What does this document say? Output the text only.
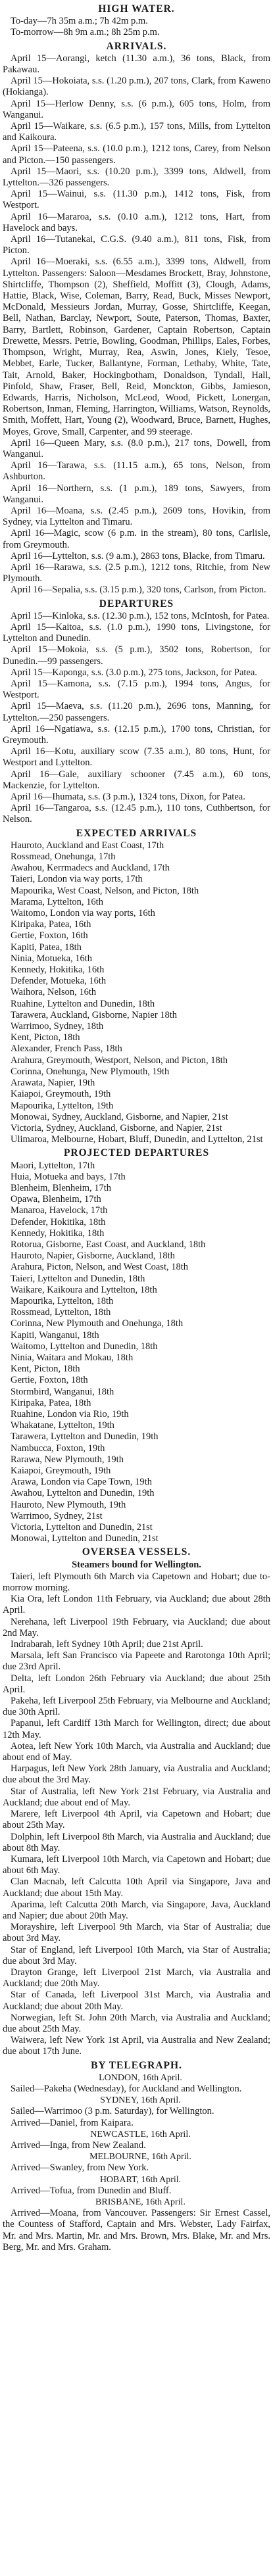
HIGH WATER.

To-day—7h 35m a.m.; 7h 42m p.m.

To-morrow—8h 9m a.m.; 8h 25m p.m.

ARRIVALS.

April 15—Aorangi, ketch (11.30 a.m.), 36 tons, Black, from Pakawau.

April 15—Hokoiata, s.s. (1.20 p.m.), 207 tons, Clark, from Kaweno (Hokianga).

April 15—Herlow Denny, s.s. (6 p.m.), 605 tons, Holm, from Wanganui.

April 15—Waikare, s.s. (6.5 p.m.), 157 tons, Mills, from Lyttelton and Kaikoura.

April 15—Pateena, s.s. (10.0 p.m.), 1212 tons, Carey, from Nelson and Picton.—150 passengers.

April 15—Maori, s.s. (10.20 p.m.), 3399 tons, Aldwell, from Lyttelton.—326 passengers.

April 15—Wainui, s.s. (11.30 p.m.), 1412 tons, Fisk, from Westport.

April 16—Mararoa, s.s. (0.10 a.m.), 1212 tons, Hart, from Havelock and bays.

April 16—Tutanekai, C.G.S. (9.40 a.m.), 811 tons, Fisk, from Picton.

April 16—Moeraki, s.s. (6.55 a.m.), 3399 tons, Aldwell, from Lyttelton. Passengers: Saloon—Mesdames Brockett, Bray, Johnstone, Shirtcliffe, Thompson (2), Sheffield, Moffitt (3), Clough, Adams, Hattie, Black, Wise, Coleman, Barry, Read, Buck, Misses Newport, McDonald, Messieurs Jordan, Murray, Gosse, Shirtcliffe, Keegan, Bell, Nathan, Barclay, Newport, Soute, Paterson, Thomas, Baxter, Barry, Bartlett, Robinson, Gardener, Captain Robertson, Captain Drewette, Messrs. Petrie, Bowling, Goodman, Phillips, Eales, Forbes, Thompson, Wright, Murray, Rea, Aswin, Jones, Kiely, Tesoe, Mebbet, Earle, Tucker, Ballantyne, Forman, Lethaby, White, Tate, Tait, Arnold, Baker, Hockingbotham, Donaldson, Tyndall, Hall, Pinfold, Shaw, Fraser, Bell, Reid, Monckton, Gibbs, Jamieson, Edwards, Harris, Nicholson, McLeod, Wood, Pickett, Lonergan, Robertson, Inman, Fleming, Harrington, Williams, Watson, Reynolds, Smith, Moffett, Hart, Young (2), Woodward, Bruce, Barnett, Hughes, Moyes, Grove, Small, Carpenter, and 99 steerage.

April 16—Queen Mary, s.s. (8.0 p.m.), 217 tons, Dowell, from Wanganui.

April 16—Tarawa, s.s. (11.15 a.m.), 65 tons, Nelson, from Ashburton.

April 16—Northern, s.s. (1 p.m.), 189 tons, Sawyers, from Wanganui.

April 16—Moana, s.s. (2.45 p.m.), 2609 tons, Hovikin, from Sydney, via Lyttelton and Timaru.

April 16—Magic, scow (6 p.m. in the stream), 80 tons, Carlisle, from Greymouth.

April 16—Lyttelton, s.s. (9 a.m.), 2863 tons, Blacke, from Timaru.

April 16—Rarawa, s.s. (2.5 p.m.), 1212 tons, Ritchie, from New Plymouth.

April 16—Sepalia, s.s. (3.15 p.m.), 320 tons, Carlson, from Picton.

DEPARTURES

April 15—Kinloka, s.s. (12.30 p.m.), 152 tons, McIntosh, for Patea.

April 15—Kaitoa, s.s. (1.0 p.m.), 1990 tons, Livingstone, for Lyttelton and Dunedin.

April 15—Mokoia, s.s. (5 p.m.), 3502 tons, Robertson, for Dunedin.—99 passengers.

April 15—Kaponga, s.s. (3.0 p.m.), 275 tons, Jackson, for Patea.

April 15—Kamona, s.s. (7.15 p.m.), 1994 tons, Angus, for Westport.

April 15—Maeva, s.s. (11.20 p.m.), 2696 tons, Manning, for Lyttelton.—250 passengers.

April 16—Ngatiawa, s.s. (12.15 p.m.), 1700 tons, Christian, for Greymouth.

April 16—Kotu, auxiliary scow (7.35 a.m.), 80 tons, Hunt, for Westport and Lyttelton.

April 16—Gale, auxiliary schooner (7.45 a.m.), 60 tons, Mackenzie, for Lyttelton.

April 16—Ihumata, s.s. (3 p.m.), 1324 tons, Dixon, for Patea.

April 16—Tangaroa, s.s. (12.45 p.m.), 110 tons, Cuthbertson, for Nelson.

EXPECTED ARRIVALS

Hauroto, Auckland and East Coast, 17th

Rossmead, Onehunga, 17th

Awahou, Kerrmadecs and Auckland, 17th

Taieri, London via way ports, 17th

Mapourika, West Coast, Nelson, and Picton, 18th

Marama, Lyttelton, 16th

Waitomo, London via way ports, 16th

Kiripaka, Patea, 16th

Gertie, Foxton, 16th

Kapiti, Patea, 18th

Ninia, Motueka, 16th

Kennedy, Hokitika, 16th

Defender, Motueka, 16th

Waihora, Nelson, 16th

Ruahine, Lyttelton and Dunedin, 18th

Tarawera, Auckland, Gisborne, Napier 18th

Warrimoo, Sydney, 18th

Kent, Picton, 18th

Alexander, French Pass, 18th

Arahura, Greymouth, Westport, Nelson, and Picton, 18th

Corinna, Onehunga, New Plymouth, 19th

Arawata, Napier, 19th

Kaiapoi, Greymouth, 19th

Mapourika, Lyttelton, 19th

Monowai, Sydney, Auckland, Gisborne, and Napier, 21st

Victoria, Sydney, Auckland, Gisborne, and Napier, 21st

Ulimaroa, Melbourne, Hobart, Bluff, Dunedin, and Lyttelton, 21st

PROJECTED DEPARTURES

Maori, Lyttelton, 17th

Huia, Motueka and bays, 17th

Blenheim, Blenheim, 17th

Opawa, Blenheim, 17th

Manaroa, Havelock, 17th

Defender, Hokitika, 18th

Kennedy, Hokitika, 18th

Rotorua, Gisborne, East Coast, and Auckland, 18th

Hauroto, Napier, Gisborne, Auckland, 18th

Arahura, Picton, Nelson, and West Coast, 18th

Taieri, Lyttelton and Dunedin, 18th

Waikare, Kaikoura and Lyttelton, 18th

Mapourika, Lyttelton, 18th

Rossmead, Lyttelton, 18th

Corinna, New Plymouth and Onehunga, 18th

Kapiti, Wanganui, 18th

Waitomo, Lyttelton and Dunedin, 18th

Ninia, Waitara and Mokau, 18th

Kent, Picton, 18th

Gertie, Foxton, 18th

Stormbird, Wanganui, 18th

Kiripaka, Patea, 18th

Ruahine, London via Rio, 19th

Whakatane, Lyttelton, 19th

Tarawera, Lyttelton and Dunedin, 19th

Nambucca, Foxton, 19th

Rarawa, New Plymouth, 19th

Kaiapoi, Greymouth, 19th

Arawa, London via Cape Town, 19th

Awahou, Lyttelton and Dunedin, 19th

Hauroto, New Plymouth, 19th

Warrimoo, Sydney, 21st

Victoria, Lyttelton and Dunedin, 21st

Monowai, Lyttelton and Dunedin, 21st

OVERSEA VESSELS.
Steamers bound for Wellington.

Taieri, left Plymouth 6th March via Capetown and Hobart; due to-morrow morning.

Kia Ora, left London 11th February, via Auckland; due about 28th April.

Nerehana, left Liverpool 19th February, via Auckland; due about 2nd May.

Indrabarah, left Sydney 10th April; due 21st April.

Marsala, left San Francisco via Papeete and Rarotonga 10th April; due 23rd April.

Delta, left London 26th February via Auckland; due about 25th April.

Pakeha, left Liverpool 25th February, via Melbourne and Auckland; due 30th April.

Papanui, left Cardiff 13th March for Wellington, direct; due about 12th May.

Aotea, left New York 10th March, via Australia and Auckland; due about end of May.

Harpagus, left New York 28th January, via Australia and Auckland; due about the 3rd May.

Star of Australia, left New York 21st February, via Australia and Auckland; due about end of May.

Marere, left Liverpool 4th April, via Capetown and Hobart; due about 25th May.

Dolphin, left Liverpool 8th March, via Australia and Auckland; due about 8th May.

Kumara, left Liverpool 10th March, via Capetown and Hobart; due about 6th May.

Clan Macnab, left Calcutta 10th April via Singapore, Java and Auckland; due about 15th May.

Aparima, left Calcutta 20th March, via Singapore, Java, Auckland and Napier; due about 20th May.

Morayshire, left Liverpool 9th March, via Star of Australia; due about 3rd May.

Star of England, left Liverpool 10th March, via Star of Australia; due about 3rd May.

Drayton Grange, left Liverpool 21st March, via Australia and Auckland; due 20th May.

Star of Canada, left Liverpool 31st March, via Australia and Auckland; due about 20th May.

Norwegian, left St. John 20th March, via Australia and Auckland; due about 25th May.

Waiwera, left New York 1st April, via Australia and New Zealand; due about 17th June.

BY TELEGRAPH.

LONDON, 16th April.

Sailed—Pakeha (Wednesday), for Auckland and Wellington.

SYDNEY, 16th April.

Sailed—Warrimoo (3 p.m. Saturday), for Wellington.

Arrived—Daniel, from Kaipara.

NEWCASTLE, 16th April.

Arrived—Inga, from New Zealand.

MELBOURNE, 16th April.

Arrived—Swanley, from New York.

HOBART, 16th April.

Arrived—Tofua, from Dunedin and Bluff.

BRISBANE, 16th April.

Arrived—Moana, from Vancouver. Passengers: Sir Ernest Cassel, the Countess of Stafford, Captain and Mrs. Webster, Lady Fairfax, Mr. and Mrs. Martin, Mr. and Mrs. Brown, Mrs. Blake, Mr. and Mrs. Berg, Mr. and Mrs. Graham.
